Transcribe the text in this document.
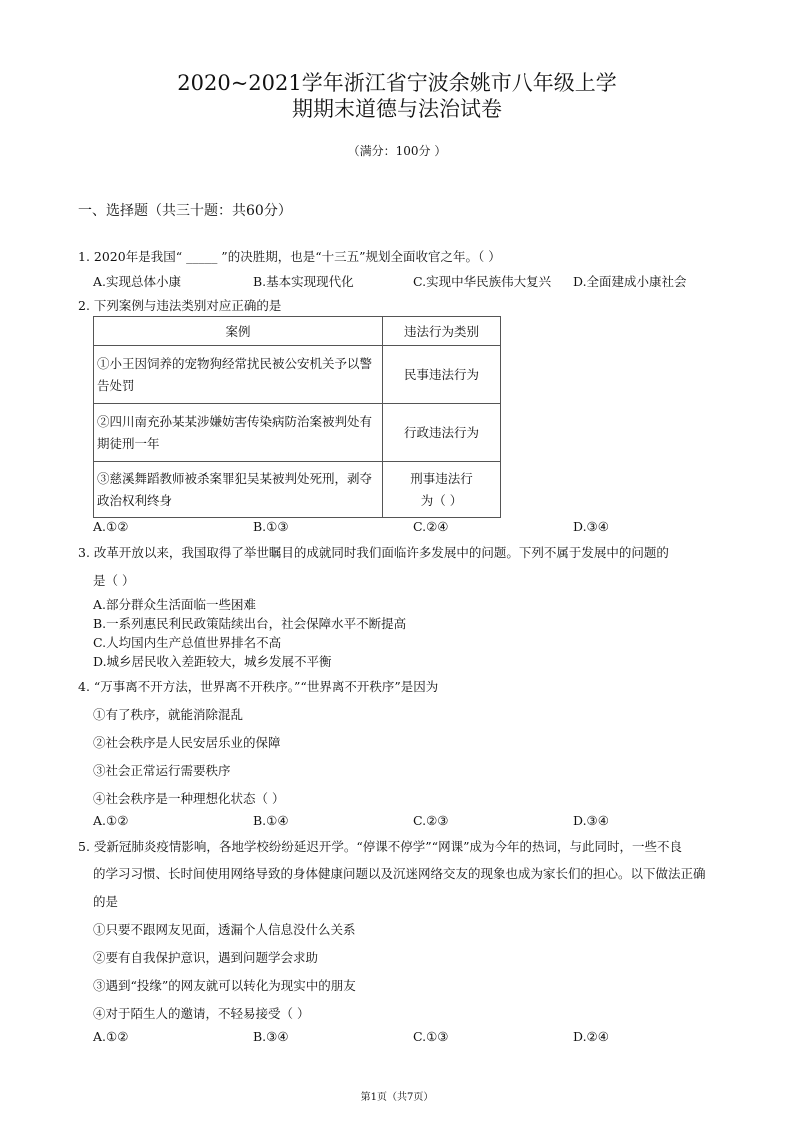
2020~2021学年浙江省宁波余姚市八年级上学
期期末道德与法治试卷
（满分：100分 ）
一、选择题（共三十题：共60分）
1. 2020年是我国“ _____ ”的决胜期，也是“十三五”规划全面收官之年。（ ）
A.实现总体小康	B.基本实现现代化	C.实现中华民族伟大复兴 D.全面建成小康社会
2. 下列案例与违法类别对应正确的是
案例	违法行为类别
①小王因饲养的宠物狗经常扰民被公安机关予以警
告处罚	民事违法行为
②四川南充孙某某涉嫌妨害传染病防治案被判处有
期徒刑一年	行政违法行为
③慈溪舞蹈教师被杀案罪犯吴某被判处死刑，剥夺
政治权利终身	刑事违法行
为（ ）
A.①②	B.①③	C.②④	D.③④
3. 改革开放以来，我国取得了举世瞩目的成就同时我们面临许多发展中的问题。下列不属于发展中的问题的
是（ ）
A.部分群众生活面临一些困难
B.一系列惠民利民政策陆续出台，社会保障水平不断提高
C.人均国内生产总值世界排名不高
D.城乡居民收入差距较大，城乡发展不平衡
4. “万事离不开方法，世界离不开秩序。”“世界离不开秩序”是因为
①有了秩序，就能消除混乱
②社会秩序是人民安居乐业的保障
③社会正常运行需要秩序
④社会秩序是一种理想化状态（ ）
A.①②	B.①④	C.②③	D.③④
5. 受新冠肺炎疫情影响，各地学校纷纷延迟开学。“停课不停学”“网课”成为今年的热词，与此同时，一些不良
的学习习惯、长时间使用网络导致的身体健康问题以及沉迷网络交友的现象也成为家长们的担心。以下做法正确
的是
①只要不跟网友见面，透漏个人信息没什么关系
②要有自我保护意识，遇到问题学会求助
③遇到“投缘”的网友就可以转化为现实中的朋友
④对于陌生人的邀请，不轻易接受（ ）
A.①②	B.③④	C.①③	D.②④
第1页（共7页）
